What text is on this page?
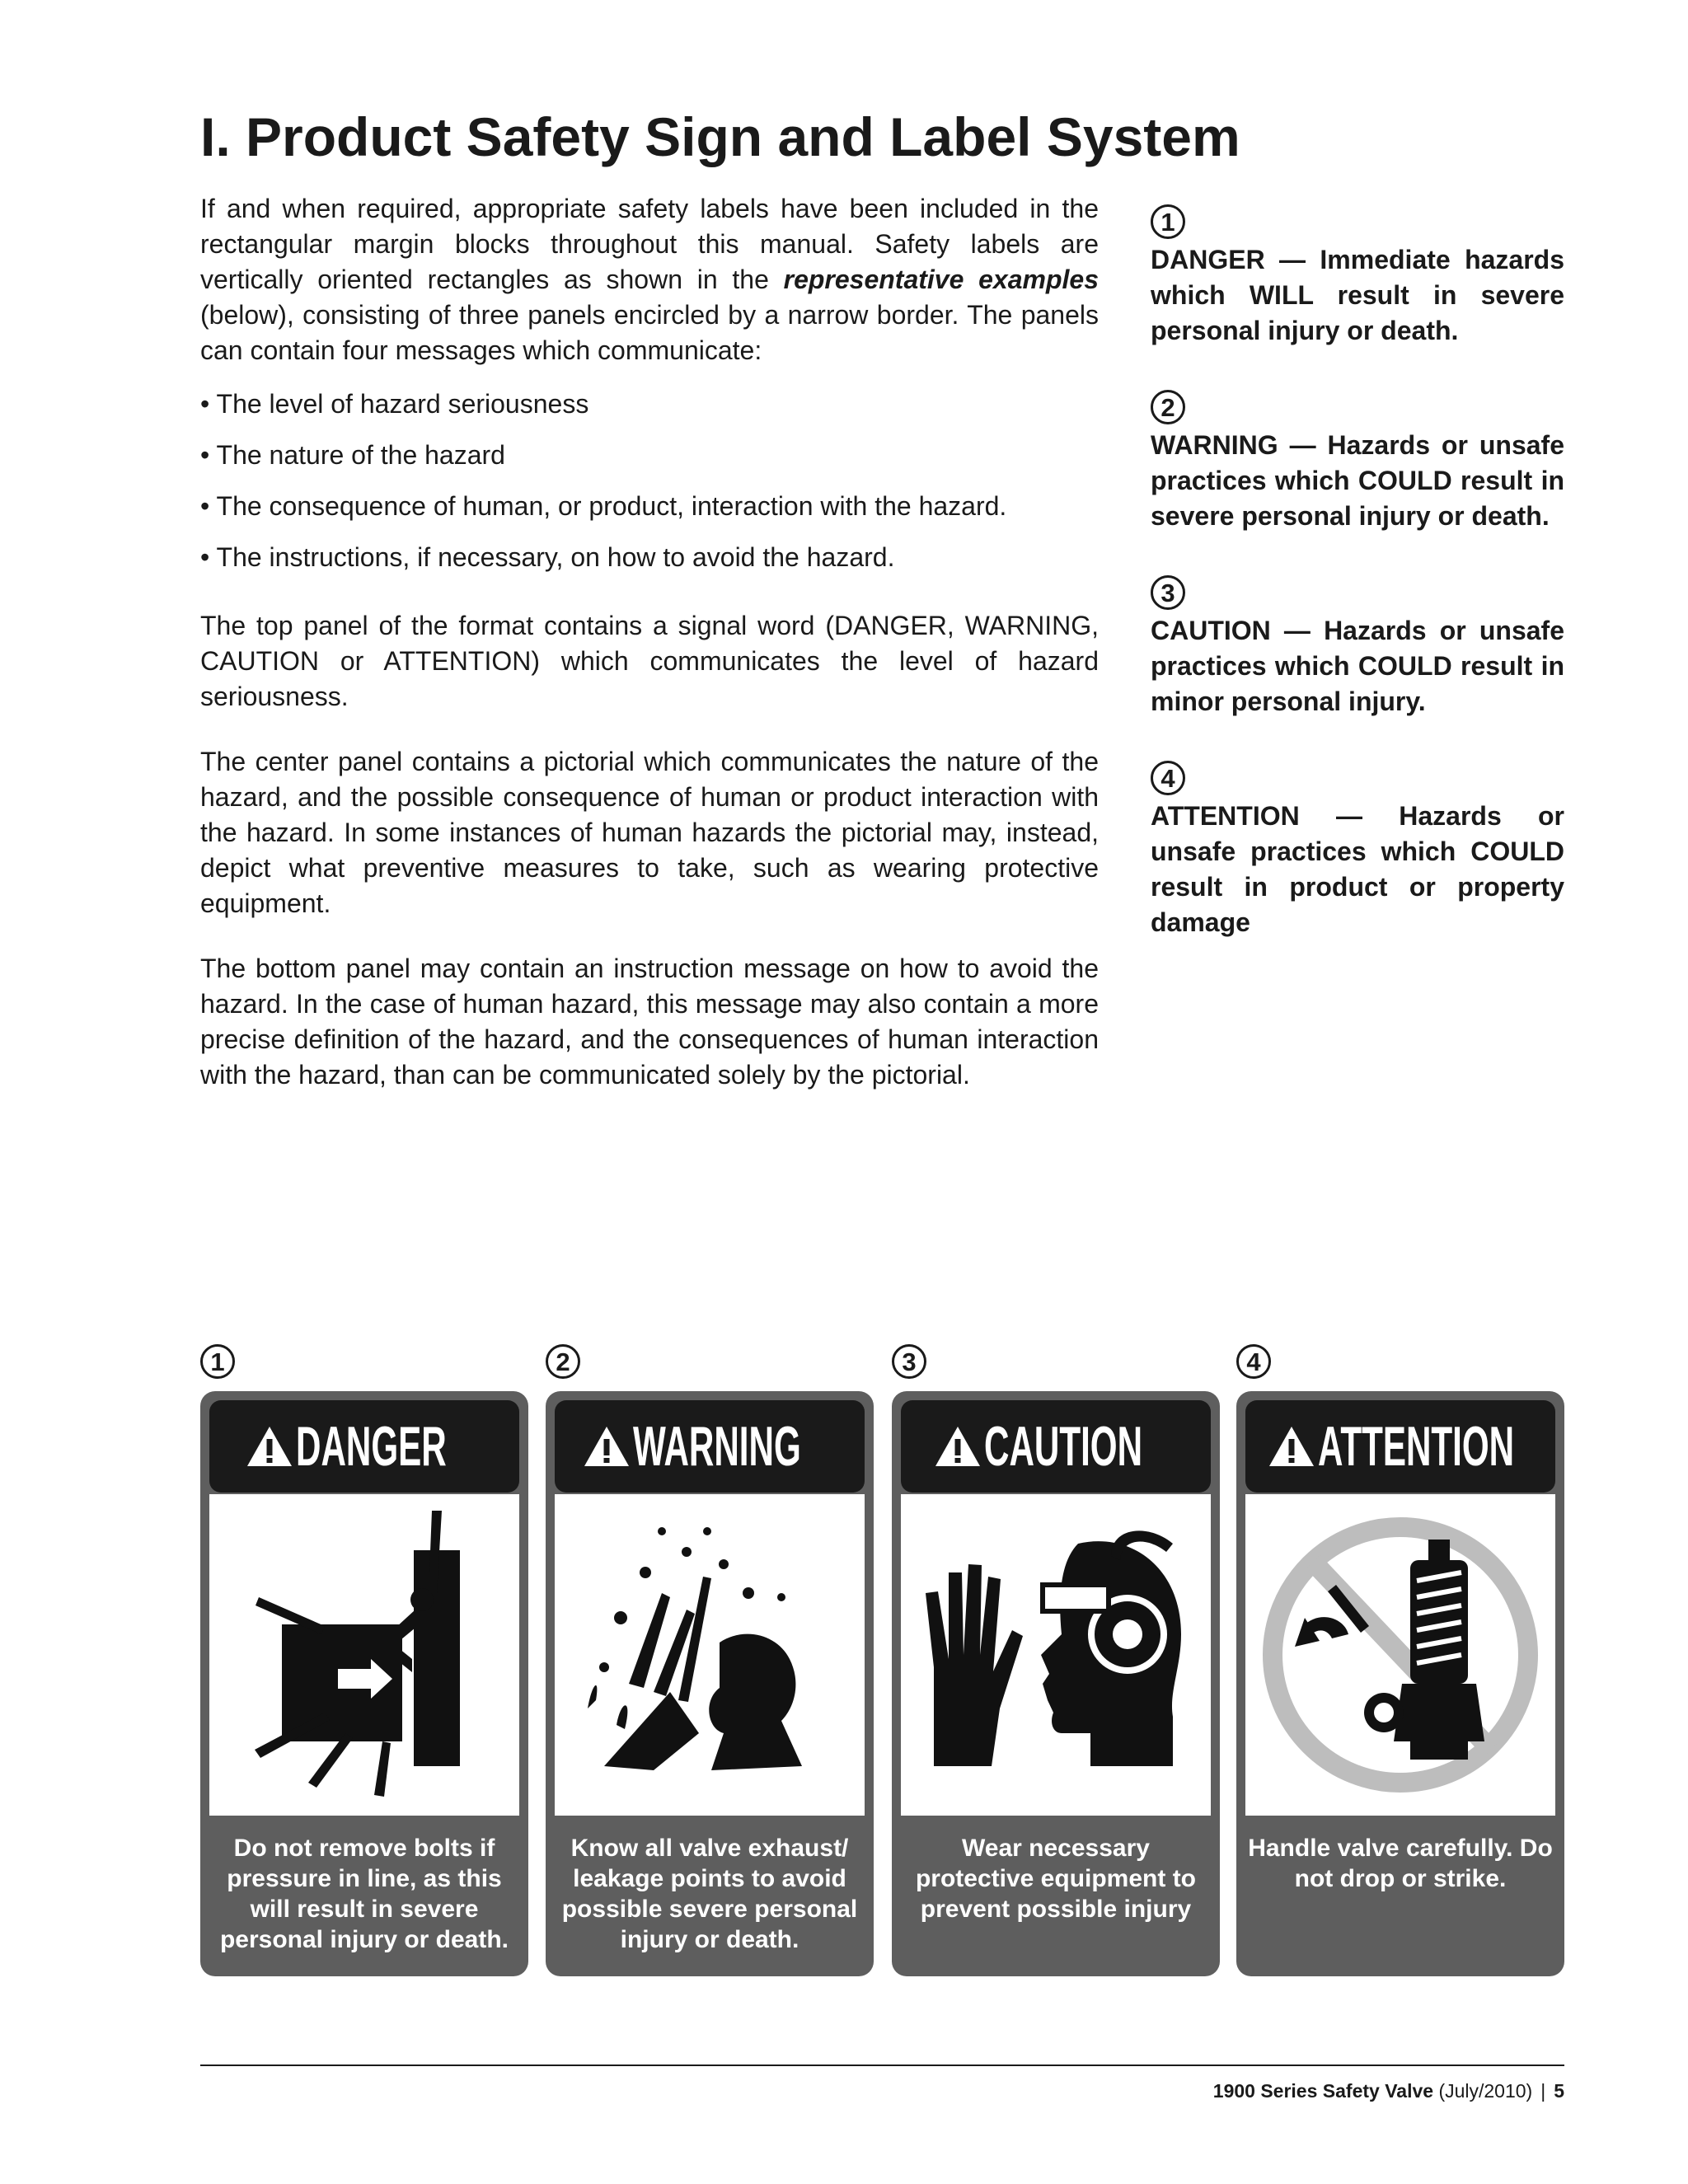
I. Product Safety Sign and Label System

If and when required, appropriate safety labels have been included in the rectangular margin blocks throughout this manual. Safety labels are vertically oriented rectangles as shown in the representative examples (below), consisting of three panels encircled by a narrow border. The panels can contain four messages which communicate:

• The level of hazard seriousness
• The nature of the hazard
• The consequence of human, or product, interaction with the hazard.
• The instructions, if necessary, on how to avoid the hazard.

The top panel of the format contains a signal word (DANGER, WARNING, CAUTION or ATTENTION) which communicates the level of hazard seriousness.

The center panel contains a pictorial which communicates the nature of the hazard, and the possible consequence of human or product interaction with the hazard. In some instances of human hazards the pictorial may, instead, depict what preventive measures to take, such as wearing protective equipment.

The bottom panel may contain an instruction message on how to avoid the hazard. In the case of human hazard, this message may also contain a more precise definition of the hazard, and the consequences of human interaction with the hazard, than can be communicated solely by the pictorial.

1
DANGER — Immediate hazards which WILL result in severe personal injury or death.
2
WARNING — Hazards or unsafe practices which COULD result in severe personal injury or death.
3
CAUTION — Hazards or unsafe practices which COULD result in minor personal injury.
4
ATTENTION — Hazards or unsafe practices which COULD result in product or property damage
1
DANGER
Do not remove bolts if pressure in line, as this will result in severe personal injury or death.
2
WARNING
Know all valve exhaust/ leakage points to avoid possible severe personal injury or death.
3
CAUTION
Wear necessary protective equipment to prevent possible injury
4
ATTENTION
Handle valve carefully. Do not drop or strike.
1900 Series Safety Valve (July/2010) | 5
